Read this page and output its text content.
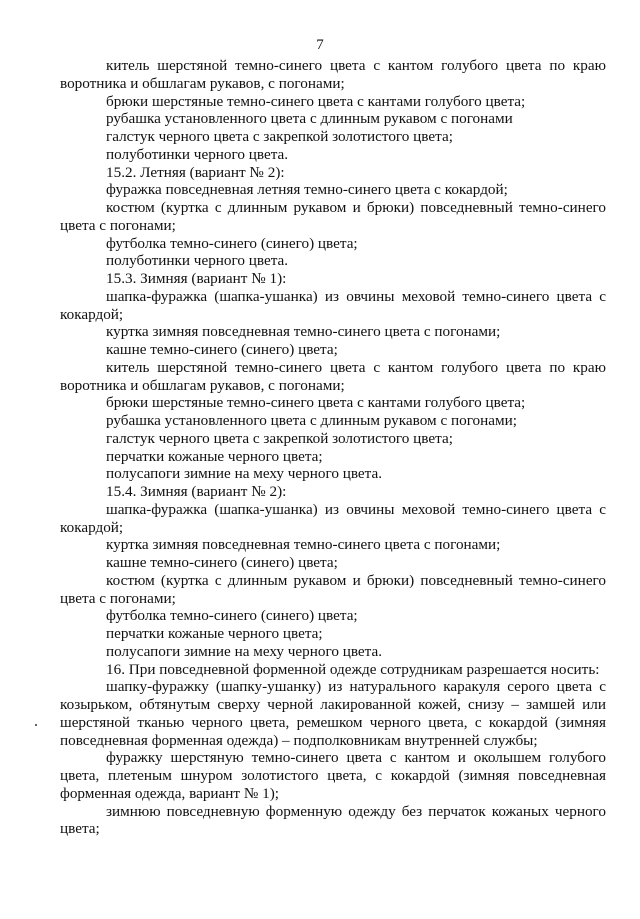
7

китель шерстяной темно-синего цвета с кантом голубого цвета по краю воротника и обшлагам рукавов, с погонами;

брюки шерстяные темно-синего цвета с кантами голубого цвета;

рубашка установленного цвета с длинным рукавом с погонами

галстук черного цвета с закрепкой золотистого цвета;

полуботинки черного цвета.

15.2. Летняя (вариант № 2):

фуражка повседневная летняя темно-синего цвета с кокардой;

костюм (куртка с длинным рукавом и брюки) повседневный темно-синего цвета с погонами;

футболка темно-синего (синего) цвета;

полуботинки черного цвета.

15.3. Зимняя (вариант № 1):

шапка-фуражка (шапка-ушанка) из овчины меховой темно-синего цвета с кокардой;

куртка зимняя повседневная темно-синего цвета с погонами;

кашне темно-синего (синего) цвета;

китель шерстяной темно-синего цвета с кантом голубого цвета по краю воротника и обшлагам рукавов, с погонами;

брюки шерстяные темно-синего цвета с кантами голубого цвета;

рубашка установленного цвета с длинным рукавом с погонами;

галстук черного цвета с закрепкой золотистого цвета;

перчатки кожаные черного цвета;

полусапоги зимние на меху черного цвета.

15.4. Зимняя (вариант № 2):

шапка-фуражка (шапка-ушанка) из овчины меховой темно-синего цвета с кокардой;

куртка зимняя повседневная темно-синего цвета с погонами;

кашне темно-синего (синего) цвета;

костюм (куртка с длинным рукавом и брюки) повседневный темно-синего цвета с погонами;

футболка темно-синего (синего) цвета;

перчатки кожаные черного цвета;

полусапоги зимние на меху черного цвета.

16. При повседневной форменной одежде сотрудникам разрешается носить:

шапку-фуражку (шапку-ушанку) из натурального каракуля серого цвета с козырьком, обтянутым сверху черной лакированной кожей, снизу – замшей или шерстяной тканью черного цвета, ремешком черного цвета, с кокардой (зимняя повседневная форменная одежда) – подполковникам внутренней службы;

фуражку шерстяную темно-синего цвета с кантом и околышем голубого цвета, плетеным шнуром золотистого цвета, с кокардой (зимняя повседневная форменная одежда, вариант № 1);

зимнюю повседневную форменную одежду без перчаток кожаных черного цвета;
